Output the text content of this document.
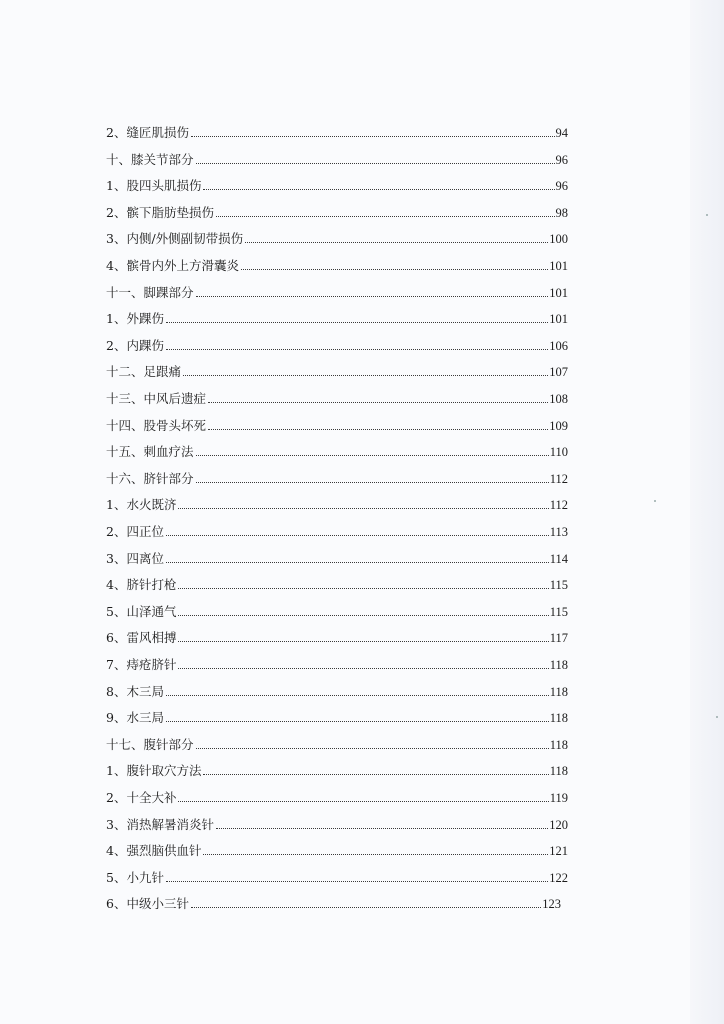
2、缝匠肌损伤	94
十、膝关节部分	96
1、股四头肌损伤	96
2、髌下脂肪垫损伤	98
3、内侧/外侧副韧带损伤	100
4、髌骨内外上方滑囊炎	101
十一、脚踝部分	101
1、外踝伤	101
2、内踝伤	106
十二、足跟痛	107
十三、中风后遗症	108
十四、股骨头坏死	109
十五、刺血疗法	110
十六、脐针部分	112
1、水火既济	112
2、四正位	113
3、四离位	114
4、脐针打枪	115
5、山泽通气	115
6、雷风相搏	117
7、痔疮脐针	118
8、木三局	118
9、水三局	118
十七、腹针部分	118
1、腹针取穴方法	118
2、十全大补	119
3、消热解暑消炎针	120
4、强烈脑供血针	121
5、小九针	122
6、中级小三针	123
